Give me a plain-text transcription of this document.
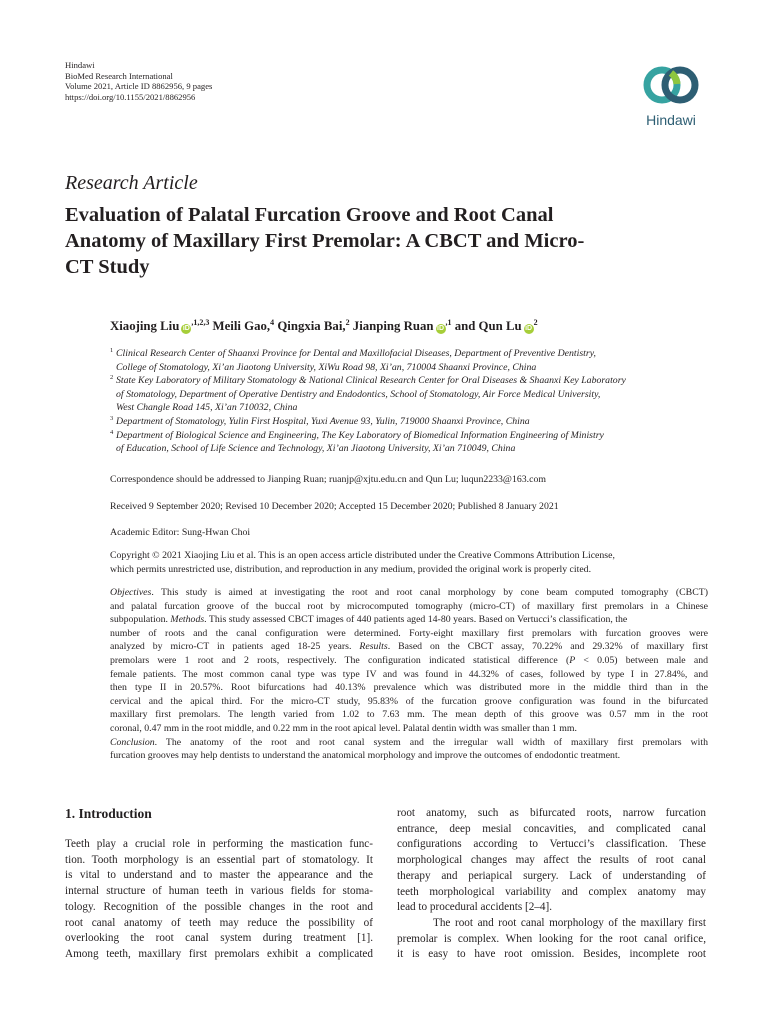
Hindawi
BioMed Research International
Volume 2021, Article ID 8862956, 9 pages
https://doi.org/10.1155/2021/8862956
Hindawi
Research Article
Evaluation of Palatal Furcation Groove and Root Canal
Anatomy of Maxillary First Premolar: A CBCT and Micro-
CT Study
Xiaojing Liu $iD^{,1,2,3}$ Meili Gao,$^4$ Qingxia Bai,$^2$ Jianping Ruan $iD^{,1}$ and Qun Lu $iD^2$
1 Clinical Research Center of Shaanxi Province for Dental and Maxillofacial Diseases, Department of Preventive Dentistry,
College of Stomatology, Xi’an Jiaotong University, XiWu Road 98, Xi’an, 710004 Shaanxi Province, China
2 State Key Laboratory of Military Stomatology & National Clinical Research Center for Oral Diseases & Shaanxi Key Laboratory
of Stomatology, Department of Operative Dentistry and Endodontics, School of Stomatology, Air Force Medical University,
West Changle Road 145, Xi’an 710032, China
3 Department of Stomatology, Yulin First Hospital, Yuxi Avenue 93, Yulin, 719000 Shaanxi Province, China
4 Department of Biological Science and Engineering, The Key Laboratory of Biomedical Information Engineering of Ministry
of Education, School of Life Science and Technology, Xi’an Jiaotong University, Xi’an 710049, China
Correspondence should be addressed to Jianping Ruan; ruanjp@xjtu.edu.cn and Qun Lu; luqun2233@163.com
Received 9 September 2020; Revised 10 December 2020; Accepted 15 December 2020; Published 8 January 2021
Academic Editor: Sung-Hwan Choi
Copyright © 2021 Xiaojing Liu et al. This is an open access article distributed under the Creative Commons Attribution License,
which permits unrestricted use, distribution, and reproduction in any medium, provided the original work is properly cited.
Objectives. This study is aimed at investigating the root and root canal morphology by cone beam computed tomography (CBCT)
and palatal furcation groove of the buccal root by microcomputed tomography (micro-CT) of maxillary first premolars in a Chinese
subpopulation. Methods. This study assessed CBCT images of 440 patients aged 14-80 years. Based on Vertucci’s classification, the
number of roots and the canal configuration were determined. Forty-eight maxillary first premolars with furcation grooves were
analyzed by micro-CT in patients aged 18-25 years. Results. Based on the CBCT assay, 70.22% and 29.32% of maxillary first
premolars were 1 root and 2 roots, respectively. The configuration indicated statistical difference (P < 0.05) between male and
female patients. The most common canal type was type IV and was found in 44.32% of cases, followed by type I in 27.84%, and
then type II in 20.57%. Root bifurcations had 40.13% prevalence which was distributed more in the middle third than in the
cervical and the apical third. For the micro-CT study, 95.83% of the furcation groove configuration was found in the bifurcated
maxillary first premolars. The length varied from 1.02 to 7.63 mm. The mean depth of this groove was 0.57 mm in the root
coronal, 0.47 mm in the root middle, and 0.22 mm in the root apical level. Palatal dentin width was smaller than 1 mm.
Conclusion. The anatomy of the root and root canal system and the irregular wall width of maxillary first premolars with
furcation grooves may help dentists to understand the anatomical morphology and improve the outcomes of endodontic treatment.
1. Introduction
Teeth play a crucial role in performing the mastication func-
tion. Tooth morphology is an essential part of stomatology. It
is vital to understand and to master the appearance and the
internal structure of human teeth in various fields for stoma-
tology. Recognition of the possible changes in the root and
root canal anatomy of teeth may reduce the possibility of
overlooking the root canal system during treatment [1].
Among teeth, maxillary first premolars exhibit a complicated
root anatomy, such as bifurcated roots, narrow furcation
entrance, deep mesial concavities, and complicated canal
configurations according to Vertucci’s classification. These
morphological changes may affect the results of root canal
therapy and periapical surgery. Lack of understanding of
teeth morphological variability and complex anatomy may
lead to procedural accidents [2–4].
The root and root canal morphology of the maxillary first
premolar is complex. When looking for the root canal orifice,
it is easy to have root omission. Besides, incomplete root
